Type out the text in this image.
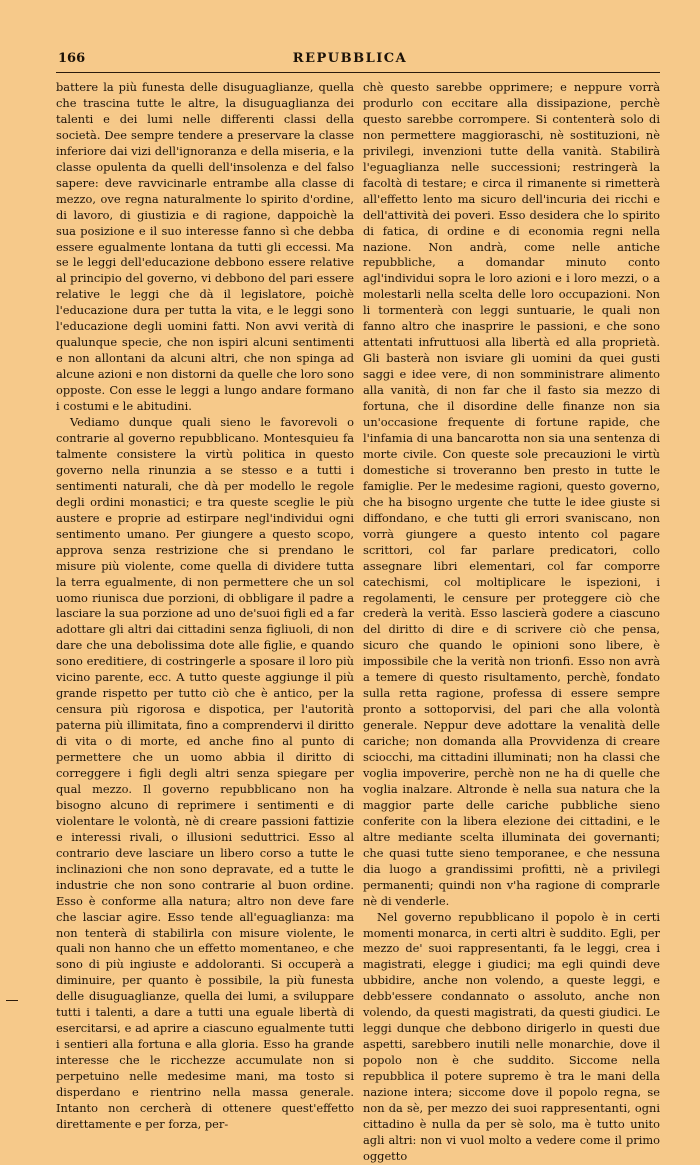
166	REPUBBLICA

battere la più funesta delle disuguaglianze, quella che trascina tutte le altre, la disuguaglianza dei talenti e dei lumi nelle differenti classi della società. Dee sempre tendere a preservare la classe inferiore dai vizi dell'ignoranza e della miseria, e la classe opulenta da quelli dell'insolenza e del falso sapere: deve ravvicinarle entrambe alla classe di mezzo, ove regna naturalmente lo spirito d'ordine, di lavoro, di giustizia e di ragione, dappoichè la sua posizione e il suo interesse fanno sì che debba essere egualmente lontana da tutti gli eccessi. Ma se le leggi dell'educazione debbono essere relative al principio del governo, vi debbono del pari essere relative le leggi che dà il legislatore, poichè l'educazione dura per tutta la vita, e le leggi sono l'educazione degli uomini fatti. Non avvi verità di qualunque specie, che non ispiri alcuni sentimenti e non allontani da alcuni altri, che non spinga ad alcune azioni e non distorni da quelle che loro sono opposte. Con esse le leggi a lungo andare formano i costumi e le abitudini.

Vediamo dunque quali sieno le favorevoli o contrarie al governo repubblicano. Montesquieu fa talmente consistere la virtù politica in questo governo nella rinunzia a se stesso e a tutti i sentimenti naturali, che dà per modello le regole degli ordini monastici; e tra queste sceglie le più austere e proprie ad estirpare negl'individui ogni sentimento umano. Per giungere a questo scopo, approva senza restrizione che si prendano le misure più violente, come quella di dividere tutta la terra egualmente, di non permettere che un sol uomo riunisca due porzioni, di obbligare il padre a lasciare la sua porzione ad uno de'suoi figli ed a far adottare gli altri dai cittadini senza figliuoli, di non dare che una debolissima dote alle figlie, e quando sono ereditiere, di costringerle a sposare il loro più vicino parente, ecc. A tutto queste aggiunge il più grande rispetto per tutto ciò che è antico, per la censura più rigorosa e dispotica, per l'autorità paterna più illimitata, fino a comprendervi il diritto di vita o di morte, ed anche fino al punto di permettere che un uomo abbia il diritto di correggere i figli degli altri senza spiegare per qual mezzo. Il governo repubblicano non ha bisogno alcuno di reprimere i sentimenti e di violentare le volontà, nè di creare passioni fattizie e interessi rivali, o illusioni seduttrici. Esso al contrario deve lasciare un libero corso a tutte le inclinazioni che non sono depravate, ed a tutte le industrie che non sono contrarie al buon ordine. Esso è conforme alla natura; altro non deve fare che lasciar agire. Esso tende all'eguaglianza: ma non tenterà di stabilirla con misure violente, le quali non hanno che un effetto momentaneo, e che sono di più ingiuste e addoloranti. Si occuperà a diminuire, per quanto è possibile, la più funesta delle disuguaglianze, quella dei lumi, a sviluppare tutti i talenti, a dare a tutti una eguale libertà di esercitarsi, e ad aprire a ciascuno egualmente tutti i sentieri alla fortuna e alla gloria. Esso ha grande interesse che le ricchezze accumulate non si perpetuino nelle medesime mani, ma tosto si disperdano e rientrino nella massa generale. Intanto non cercherà di ottenere quest'effetto direttamente e per forza, per-

chè questo sarebbe opprimere; e neppure vorrà produrlo con eccitare alla dissipazione, perchè questo sarebbe corrompere. Si contenterà solo di non permettere maggioraschi, nè sostituzioni, nè privilegi, invenzioni tutte della vanità. Stabilirà l'eguaglianza nelle successioni; restringerà la facoltà di testare; e circa il rimanente si rimetterà all'effetto lento ma sicuro dell'incuria dei ricchi e dell'attività dei poveri. Esso desidera che lo spirito di fatica, di ordine e di economia regni nella nazione. Non andrà, come nelle antiche repubbliche, a domandar minuto conto agl'individui sopra le loro azioni e i loro mezzi, o a molestarli nella scelta delle loro occupazioni. Non li tormenterà con leggi suntuarie, le quali non fanno altro che inasprire le passioni, e che sono attentati infruttuosi alla libertà ed alla proprietà. Gli basterà non isviare gli uomini da quei gusti saggi e idee vere, di non somministrare alimento alla vanità, di non far che il fasto sia mezzo di fortuna, che il disordine delle finanze non sia un'occasione frequente di fortune rapide, che l'infamia di una bancarotta non sia una sentenza di morte civile. Con queste sole precauzioni le virtù domestiche si troveranno ben presto in tutte le famiglie. Per le medesime ragioni, questo governo, che ha bisogno urgente che tutte le idee giuste si diffondano, e che tutti gli errori svaniscano, non vorrà giungere a questo intento col pagare scrittori, col far parlare predicatori, collo assegnare libri elementari, col far comporre catechismi, col moltiplicare le ispezioni, i regolamenti, le censure per proteggere ciò che crederà la verità. Esso lascierà godere a ciascuno del diritto di dire e di scrivere ciò che pensa, sicuro che quando le opinioni sono libere, è impossibile che la verità non trionfi. Esso non avrà a temere di questo risultamento, perchè, fondato sulla retta ragione, professa di essere sempre pronto a sottoporvisi, del pari che alla volontà generale. Neppur deve adottare la venalità delle cariche; non domanda alla Provvidenza di creare sciocchi, ma cittadini illuminati; non ha classi che voglia impoverire, perchè non ne ha di quelle che voglia inalzare. Altronde è nella sua natura che la maggior parte delle cariche pubbliche sieno conferite con la libera elezione dei cittadini, e le altre mediante scelta illuminata dei governanti; che quasi tutte sieno temporanee, e che nessuna dia luogo a grandissimi profitti, nè a privilegi permanenti; quindi non v'ha ragione di comprarle nè di venderle.

Nel governo repubblicano il popolo è in certi momenti monarca, in certi altri è suddito. Egli, per mezzo de' suoi rappresentanti, fa le leggi, crea i magistrati, elegge i giudici; ma egli quindi deve ubbidire, anche non volendo, a queste leggi, e debb'essere condannato o assoluto, anche non volendo, da questi magistrati, da questi giudici. Le leggi dunque che debbono dirigerlo in questi due aspetti, sarebbero inutili nelle monarchie, dove il popolo non è che suddito. Siccome nella repubblica il potere supremo è tra le mani della nazione intera; siccome dove il popolo regna, se non da sè, per mezzo dei suoi rappresentanti, ogni cittadino è nulla da per sè solo, ma è tutto unito agli altri: non vi vuol molto a vedere come il primo oggetto
